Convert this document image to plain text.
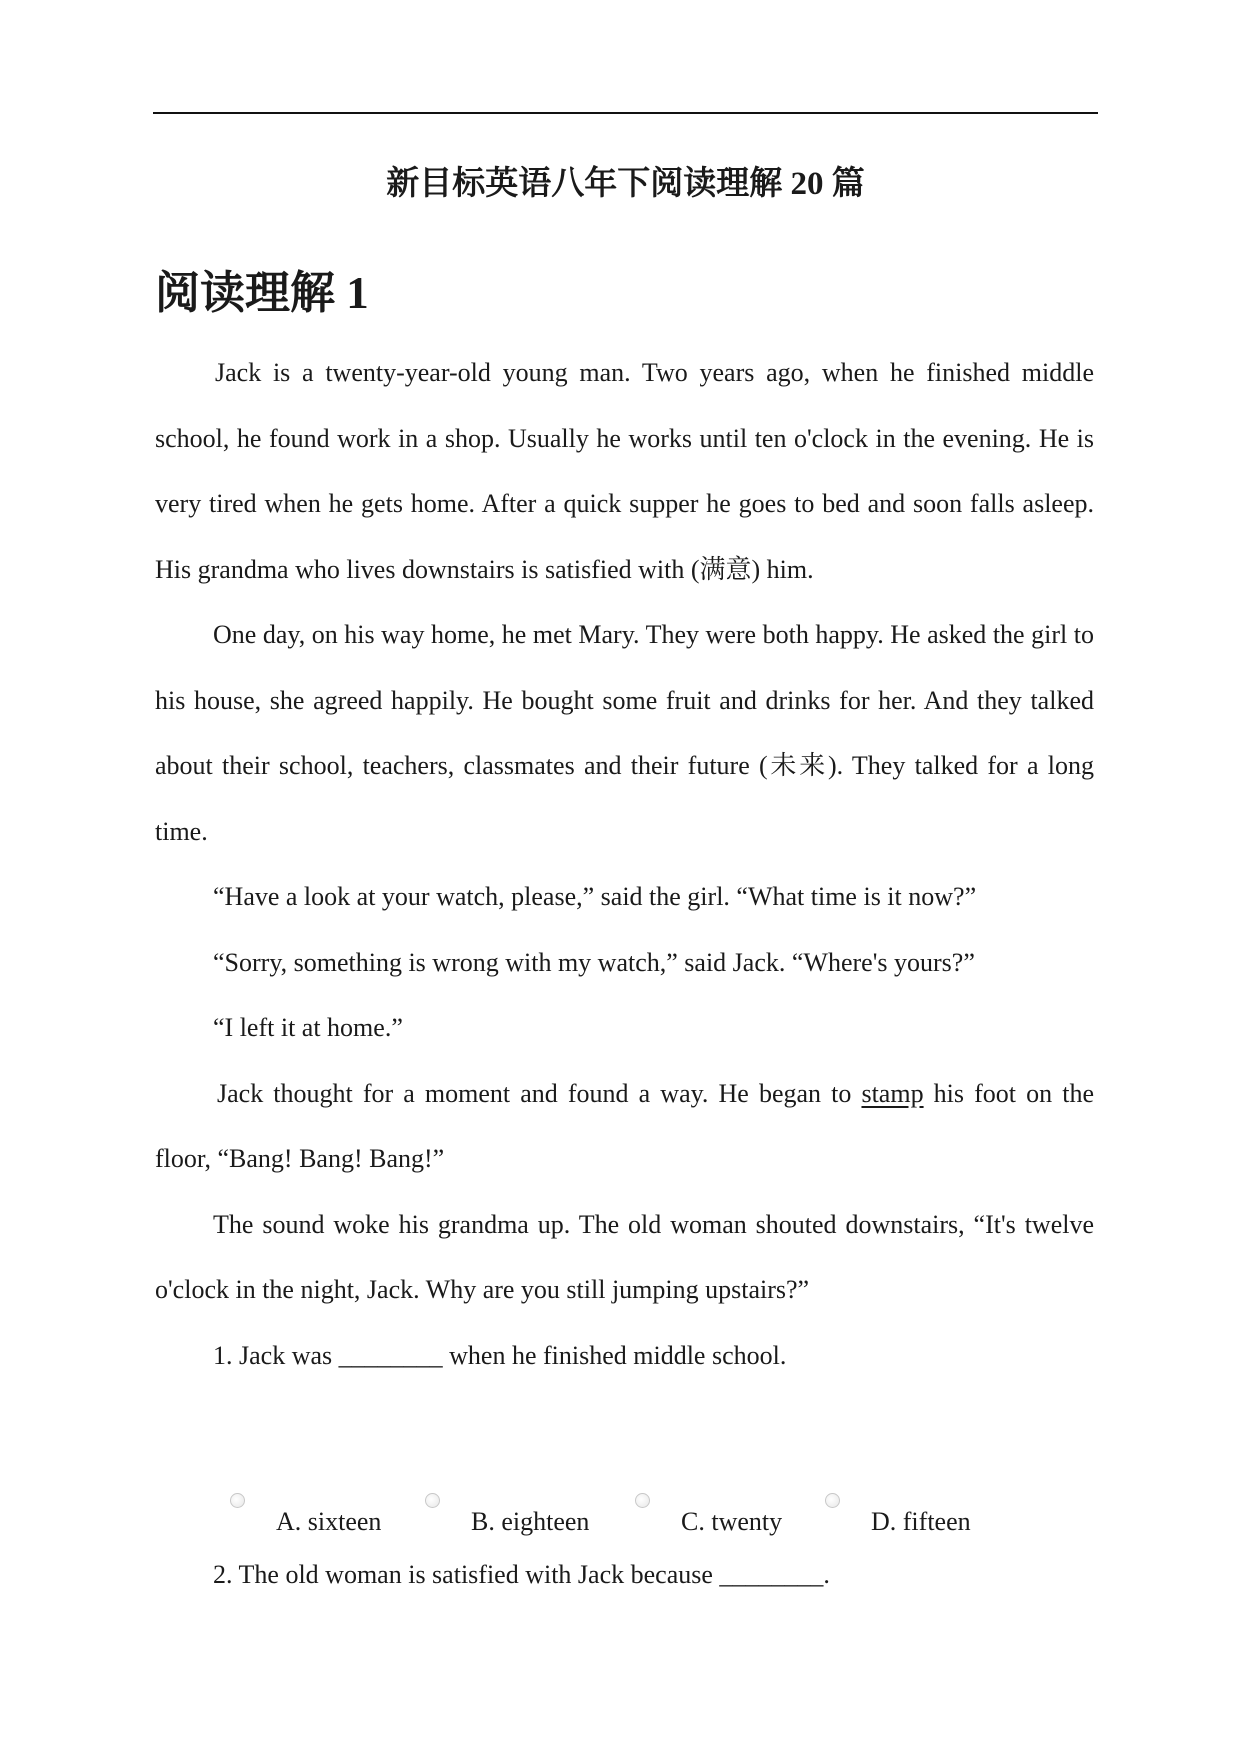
新目标英语八年下阅读理解 20 篇
阅读理解 1

Jack is a twenty-year-old young man. Two years ago, when he finished middle school, he found work in a shop. Usually he works until ten o'clock in the evening. He is very tired when he gets home. After a quick supper he goes to bed and soon falls asleep. His grandma who lives downstairs is satisfied with (满意) him.

One day, on his way home, he met Mary. They were both happy. He asked the girl to his house, she agreed happily. He bought some fruit and drinks for her. And they talked about their school, teachers, classmates and their future (未来). They talked for a long time.

“Have a look at your watch, please,” said the girl. “What time is it now?”

“Sorry, something is wrong with my watch,” said Jack. “Where's yours?”

“I left it at home.”

Jack thought for a moment and found a way. He began to stamp his foot on the floor, “Bang! Bang! Bang!”

The sound woke his grandma up. The old woman shouted downstairs, “It's twelve o'clock in the night, Jack. Why are you still jumping upstairs?”

1. Jack was ________ when he finished middle school.

A. sixteen	B. eighteen	C. twenty	D. fifteen

2. The old woman is satisfied with Jack because ________.
